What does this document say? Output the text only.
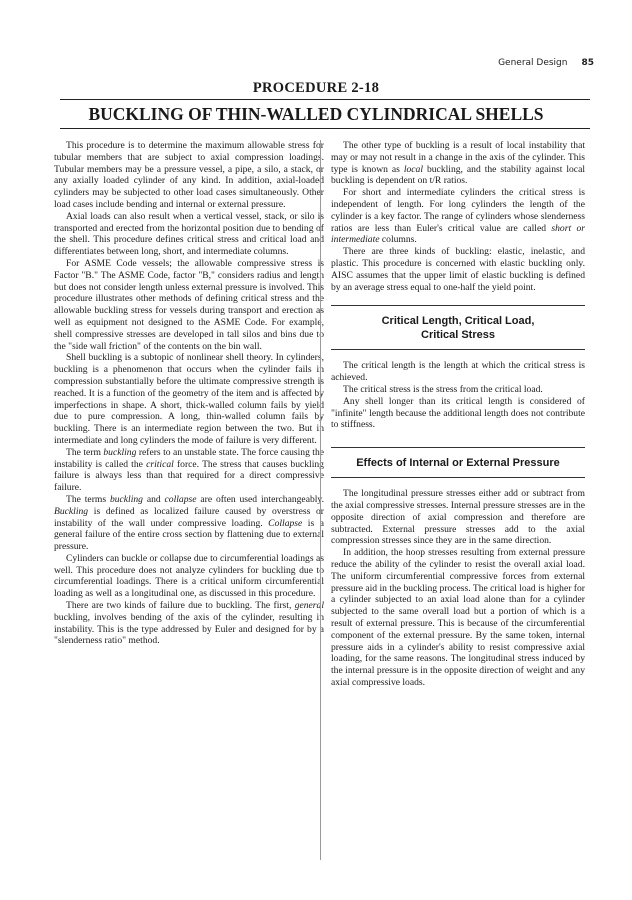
General Design 85
PROCEDURE 2-18
BUCKLING OF THIN-WALLED CYLINDRICAL SHELLS

This procedure is to determine the maximum allowable stress for tubular members that are subject to axial compression loadings. Tubular members may be a pressure vessel, a pipe, a silo, a stack, or any axially loaded cylinder of any kind. In addition, axial-loaded cylinders may be subjected to other load cases simultaneously. Other load cases include bending and internal or external pressure.

Axial loads can also result when a vertical vessel, stack, or silo is transported and erected from the horizontal position due to bending of the shell. This procedure defines critical stress and critical load and differentiates between long, short, and intermediate columns.

For ASME Code vessels; the allowable compressive stress is Factor "B." The ASME Code, factor "B," considers radius and length but does not consider length unless external pressure is involved. This procedure illustrates other methods of defining critical stress and the allowable buckling stress for vessels during transport and erection as well as equipment not designed to the ASME Code. For example, shell compressive stresses are developed in tall silos and bins due to the "side wall friction" of the contents on the bin wall.

Shell buckling is a subtopic of nonlinear shell theory. In cylinders, buckling is a phenomenon that occurs when the cylinder fails in compression substantially before the ultimate compressive strength is reached. It is a function of the geometry of the item and is affected by imperfections in shape. A short, thick-walled column fails by yield due to pure compression. A long, thin-walled column fails by buckling. There is an intermediate region between the two. But in intermediate and long cylinders the mode of failure is very different.

The term buckling refers to an unstable state. The force causing the instability is called the critical force. The stress that causes buckling failure is always less than that required for a direct compressive failure.

The terms buckling and collapse are often used interchangeably. Buckling is defined as localized failure caused by overstress or instability of the wall under compressive loading. Collapse is a general failure of the entire cross section by flattening due to external pressure.

Cylinders can buckle or collapse due to circumferential loadings as well. This procedure does not analyze cylinders for buckling due to circumferential loadings. There is a critical uniform circumferential loading as well as a longitudinal one, as discussed in this procedure.

There are two kinds of failure due to buckling. The first, general buckling, involves bending of the axis of the cylinder, resulting in instability. This is the type addressed by Euler and designed for by a "slenderness ratio" method.

The other type of buckling is a result of local instability that may or may not result in a change in the axis of the cylinder. This type is known as local buckling, and the stability against local buckling is dependent on t/R ratios.

For short and intermediate cylinders the critical stress is independent of length. For long cylinders the length of the cylinder is a key factor. The range of cylinders whose slenderness ratios are less than Euler's critical value are called short or intermediate columns.

There are three kinds of buckling: elastic, inelastic, and plastic. This procedure is concerned with elastic buckling only. AISC assumes that the upper limit of elastic buckling is defined by an average stress equal to one-half the yield point.

Critical Length, Critical Load,
Critical Stress

The critical length is the length at which the critical stress is achieved.

The critical stress is the stress from the critical load.

Any shell longer than its critical length is considered of "infinite" length because the additional length does not contribute to stiffness.

Effects of Internal or External Pressure

The longitudinal pressure stresses either add or subtract from the axial compressive stresses. Internal pressure stresses are in the opposite direction of axial compression and therefore are subtracted. External pressure stresses add to the axial compression stresses since they are in the same direction.

In addition, the hoop stresses resulting from external pressure reduce the ability of the cylinder to resist the overall axial load. The uniform circumferential compressive forces from external pressure aid in the buckling process. The critical load is higher for a cylinder subjected to an axial load alone than for a cylinder subjected to the same overall load but a portion of which is a result of external pressure. This is because of the circumferential component of the external pressure. By the same token, internal pressure aids in a cylinder's ability to resist compressive axial loading, for the same reasons. The longitudinal stress induced by the internal pressure is in the opposite direction of weight and any axial compressive loads.
